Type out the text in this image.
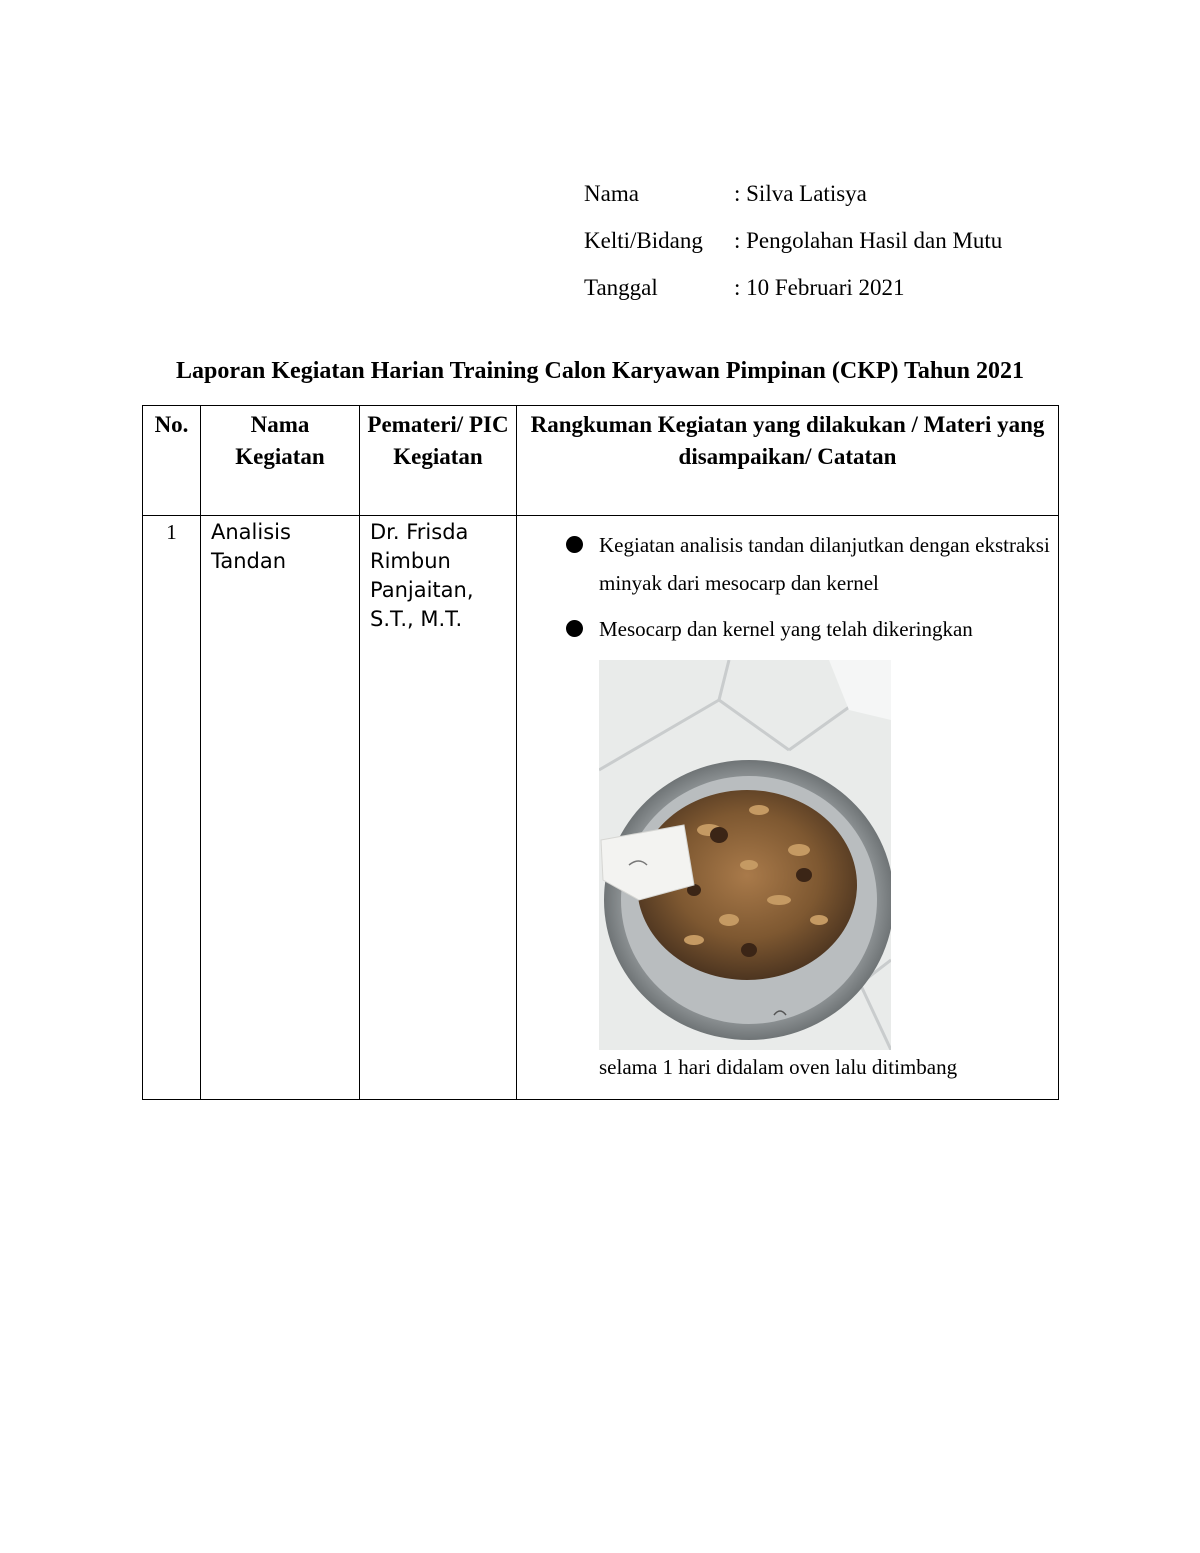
Nama	: Silva Latisya
Kelti/Bidang	: Pengolahan Hasil dan Mutu
Tanggal	: 10 Februari 2021
Laporan Kegiatan Harian Training Calon Karyawan Pimpinan (CKP) Tahun 2021
No.	Nama Kegiatan	Pemateri/ PIC Kegiatan	Rangkuman Kegiatan yang dilakukan / Materi yang disampaikan/ Catatan
1	Analisis Tandan	Dr. Frisda Rimbun Panjaitan, S.T., M.T.	Kegiatan analisis tandan dilanjutkan dengan ekstraksi minyak dari mesocarp dan kernel
Mesocarp dan kernel yang telah dikeringkan
selama 1 hari didalam oven lalu ditimbang
